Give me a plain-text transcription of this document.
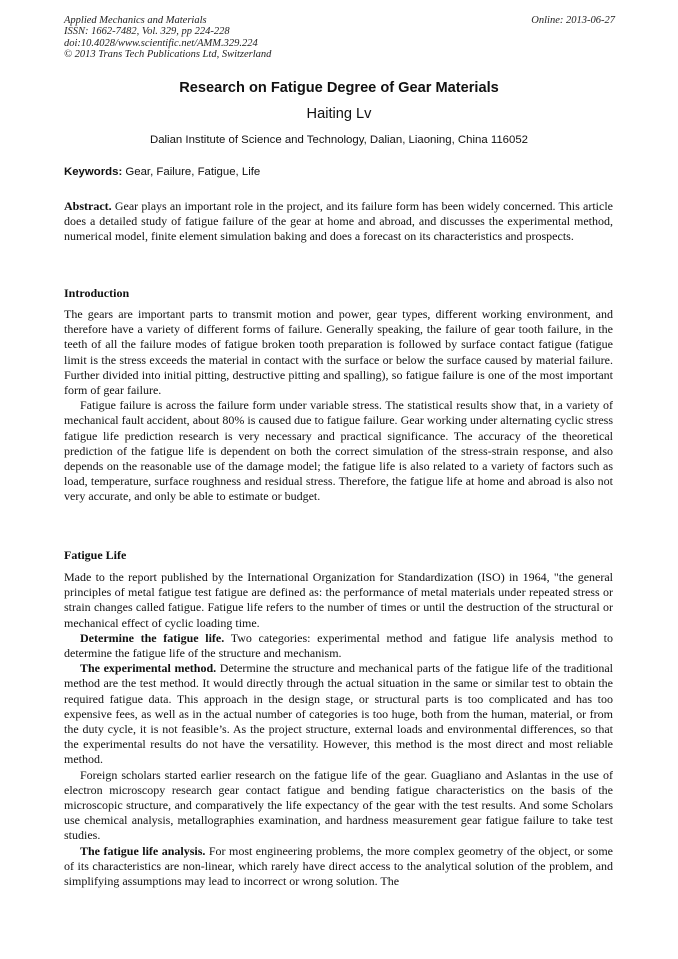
Applied Mechanics and Materials
ISSN: 1662-7482, Vol. 329, pp 224-228
doi:10.4028/www.scientific.net/AMM.329.224
© 2013 Trans Tech Publications Ltd, Switzerland
Online: 2013-06-27
Research on Fatigue Degree of Gear Materials
Haiting Lv
Dalian Institute of Science and Technology, Dalian, Liaoning, China 116052
Keywords: Gear, Failure, Fatigue, Life

Abstract. Gear plays an important role in the project, and its failure form has been widely concerned. This article does a detailed study of fatigue failure of the gear at home and abroad, and discusses the experimental method, numerical model, finite element simulation baking and does a forecast on its characteristics and prospects.

Introduction

The gears are important parts to transmit motion and power, gear types, different working environment, and therefore have a variety of different forms of failure. Generally speaking, the failure of gear tooth failure, in the teeth of all the failure modes of fatigue broken tooth preparation is followed by surface contact fatigue (fatigue limit is the stress exceeds the material in contact with the surface or below the surface caused by material failure. Further divided into initial pitting, destructive pitting and spalling), so fatigue failure is one of the most important form of gear failure.

Fatigue failure is across the failure form under variable stress. The statistical results show that, in a variety of mechanical fault accident, about 80% is caused due to fatigue failure. Gear working under alternating cyclic stress fatigue life prediction research is very necessary and practical significance. The accuracy of the theoretical prediction of the fatigue life is dependent on both the correct simulation of the stress-strain response, and also depends on the reasonable use of the damage model; the fatigue life is also related to a variety of factors such as load, temperature, surface roughness and residual stress. Therefore, the fatigue life at home and abroad is also not very accurate, and only be able to estimate or budget.

Fatigue Life

Made to the report published by the International Organization for Standardization (ISO) in 1964, "the general principles of metal fatigue test fatigue are defined as: the performance of metal materials under repeated stress or strain changes called fatigue. Fatigue life refers to the number of times or until the destruction of the structural or mechanical effect of cyclic loading time.

Determine the fatigue life. Two categories: experimental method and fatigue life analysis method to determine the fatigue life of the structure and mechanism.

The experimental method. Determine the structure and mechanical parts of the fatigue life of the traditional method are the test method. It would directly through the actual situation in the same or similar test to obtain the required fatigue data. This approach in the design stage, or structural parts is too complicated and has too expensive fees, as well as in the actual number of categories is too huge, both from the human, material, or from the duty cycle, it is not feasible’s. As the project structure, external loads and environmental differences, so that the experimental results do not have the versatility. However, this method is the most direct and most reliable method.

Foreign scholars started earlier research on the fatigue life of the gear. Guagliano and Aslantas in the use of electron microscopy research gear contact fatigue and bending fatigue characteristics on the basis of the microscopic structure, and comparatively the life expectancy of the gear with the test results. And some Scholars use chemical analysis, metallographies examination, and hardness measurement gear fatigue failure to take test studies.

The fatigue life analysis. For most engineering problems, the more complex geometry of the object, or some of its characteristics are non-linear, which rarely have direct access to the analytical solution of the problem, and simplifying assumptions may lead to incorrect or wrong solution. The
